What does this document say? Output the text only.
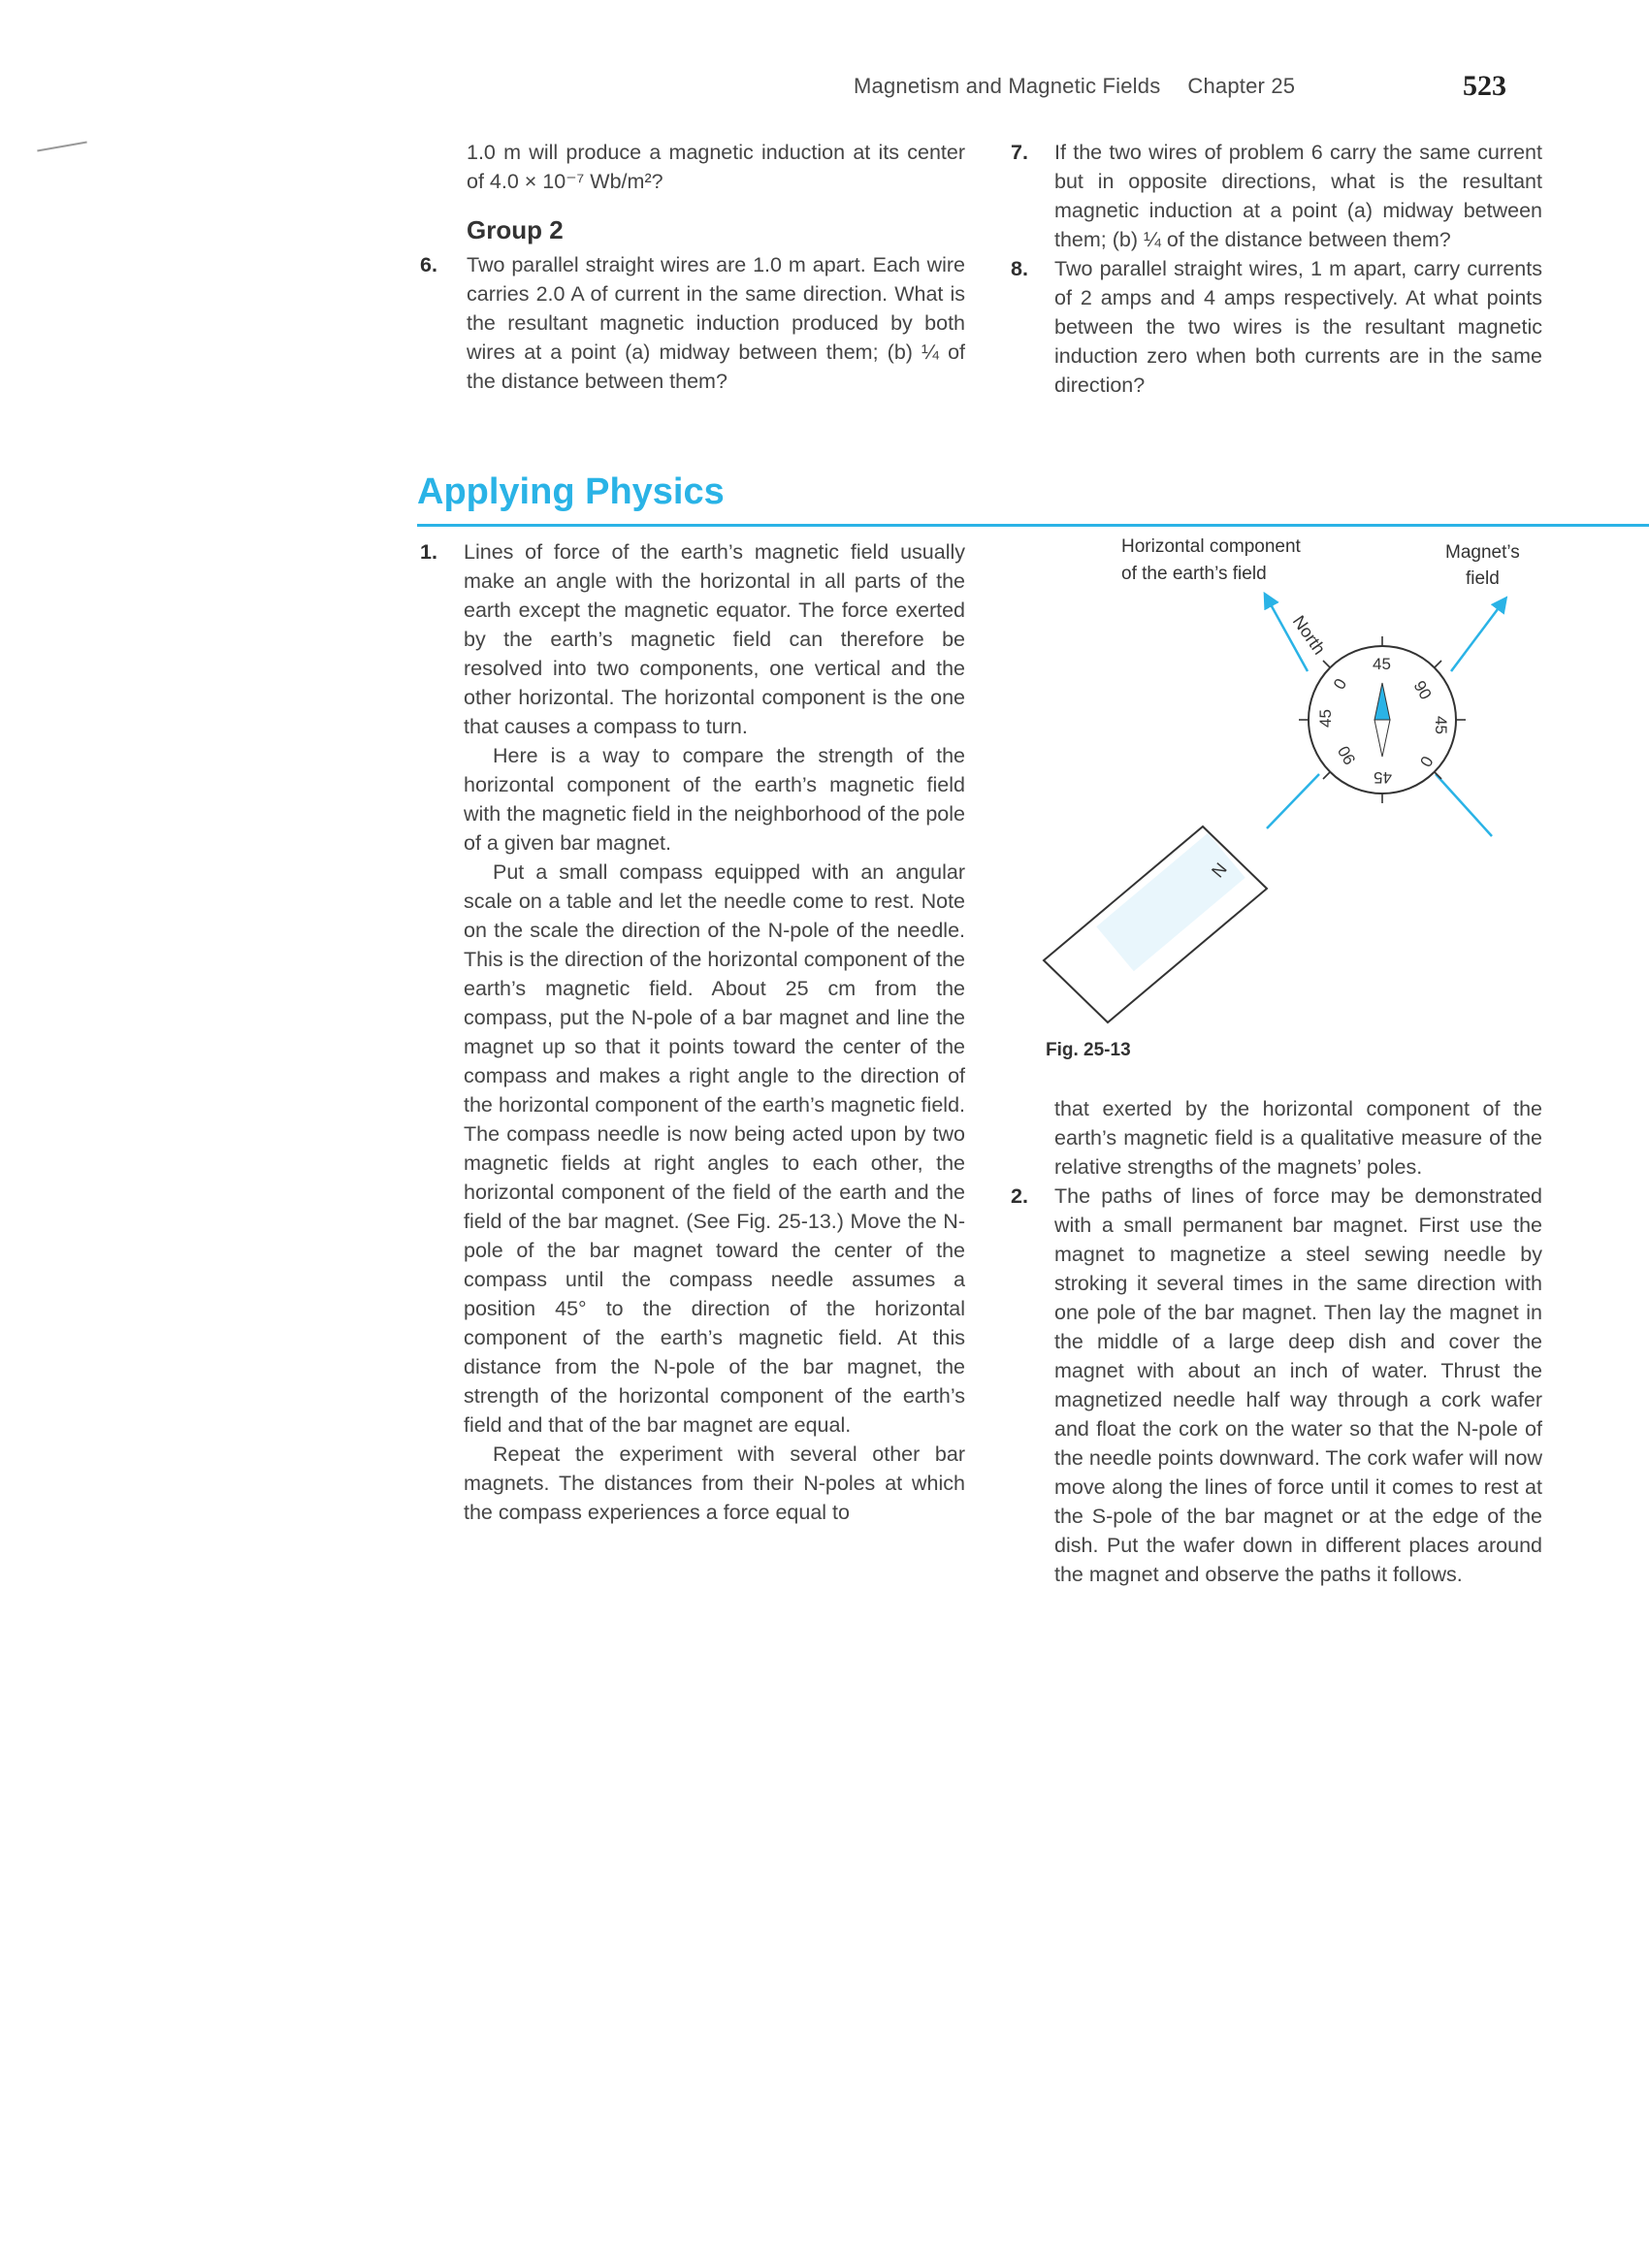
Magnetism and Magnetic Fields Chapter 25	523

1.0 m will produce a magnetic induction at its center of 4.0 × 10⁻⁷ Wb/m²?

Group 2
6. Two parallel straight wires are 1.0 m apart. Each wire carries 2.0 A of current in the same direction. What is the resultant magnetic induction produced by both wires at a point (a) midway between them; (b) ¼ of the distance between them?

7. If the two wires of problem 6 carry the same current but in opposite directions, what is the resultant magnetic induction at a point (a) midway between them; (b) ¼ of the distance between them?

8. Two parallel straight wires, 1 m apart, carry currents of 2 amps and 4 amps respectively. At what points between the two wires is the resultant magnetic induction zero when both currents are in the same direction?

Applying Physics
1. Lines of force of the earth’s magnetic field usually make an angle with the horizontal in all parts of the earth except the magnetic equator. The force exerted by the earth’s magnetic field can therefore be resolved into two components, one vertical and the other horizontal. The horizontal component is the one that causes a compass to turn.

Here is a way to compare the strength of the horizontal component of the earth’s magnetic field with the magnetic field in the neighborhood of the pole of a given bar magnet.

Put a small compass equipped with an angular scale on a table and let the needle come to rest. Note on the scale the direction of the N-pole of the needle. This is the direction of the horizontal component of the earth’s magnetic field. About 25 cm from the compass, put the N-pole of a bar magnet and line the magnet up so that it points toward the center of the compass and makes a right angle to the direction of the horizontal component of the earth’s magnetic field. The compass needle is now being acted upon by two magnetic fields at right angles to each other, the horizontal component of the field of the earth and the field of the bar magnet. (See Fig. 25-13.) Move the N-pole of the bar magnet toward the center of the compass until the compass needle assumes a position 45° to the direction of the horizontal component of the earth’s magnetic field. At this distance from the N-pole of the bar magnet, the strength of the horizontal component of the earth’s field and that of the bar magnet are equal.

Repeat the experiment with several other bar magnets. The distances from their N-poles at which the compass experiences a force equal to

Horizontal component
of the earth’s field
Magnet’s
field
North
45
90
45
0
45
90
45
0
N
Fig. 25-13

that exerted by the horizontal component of the earth’s magnetic field is a qualitative measure of the relative strengths of the magnets’ poles.

2. The paths of lines of force may be demonstrated with a small permanent bar magnet. First use the magnet to magnetize a steel sewing needle by stroking it several times in the same direction with one pole of the bar magnet. Then lay the magnet in the middle of a large deep dish and cover the magnet with about an inch of water. Thrust the magnetized needle half way through a cork wafer and float the cork on the water so that the N-pole of the needle points downward. The cork wafer will now move along the lines of force until it comes to rest at the S-pole of the bar magnet or at the edge of the dish. Put the wafer down in different places around the magnet and observe the paths it follows.
